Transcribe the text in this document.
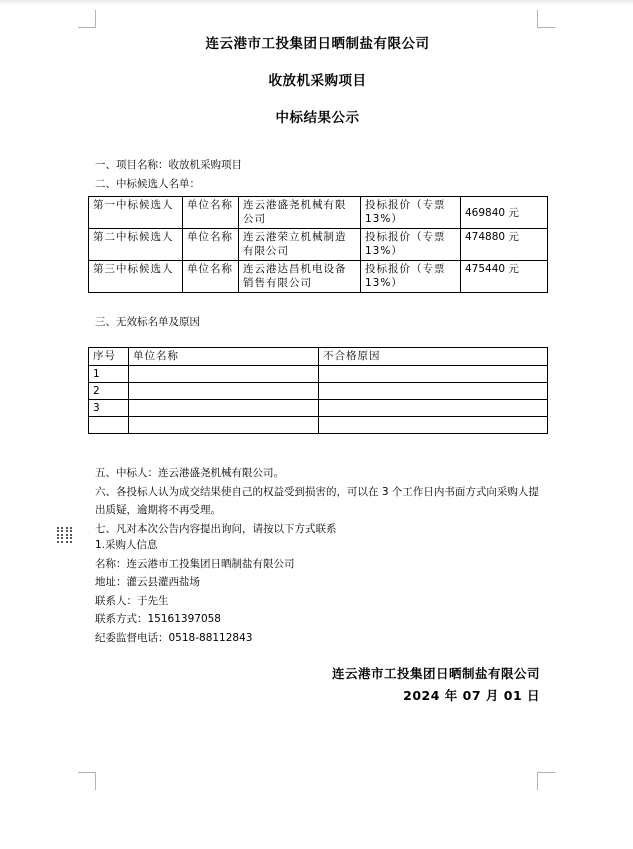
连云港市工投集团日晒制盐有限公司
收放机采购项目
中标结果公示
一、项目名称：收放机采购项目
二、中标候选人名单：
第一中标候选人	单位名称	连云港盛尧机械有限公司	投标报价（专票13%）	469840 元
第二中标候选人	单位名称	连云港荣立机械制造有限公司	投标报价（专票13%）	474880 元
第三中标候选人	单位名称	连云港达昌机电设备销售有限公司	投标报价（专票13%）	475440 元
三、无效标名单及原因
序号	单位名称	不合格原因
1		
2		
3		

五、中标人：连云港盛尧机械有限公司。
六、各投标人认为成交结果使自己的权益受到损害的，可以在 3 个工作日内书面方式向采购人提出质疑，逾期将不再受理。
七、凡对本次公告内容提出询问，请按以下方式联系
1.采购人信息
名称：连云港市工投集团日晒制盐有限公司
地址：灌云县灌西盐场
联系人：于先生
联系方式：15161397058
纪委监督电话：0518-88112843
连云港市工投集团日晒制盐有限公司
2024 年 07 月 01 日
